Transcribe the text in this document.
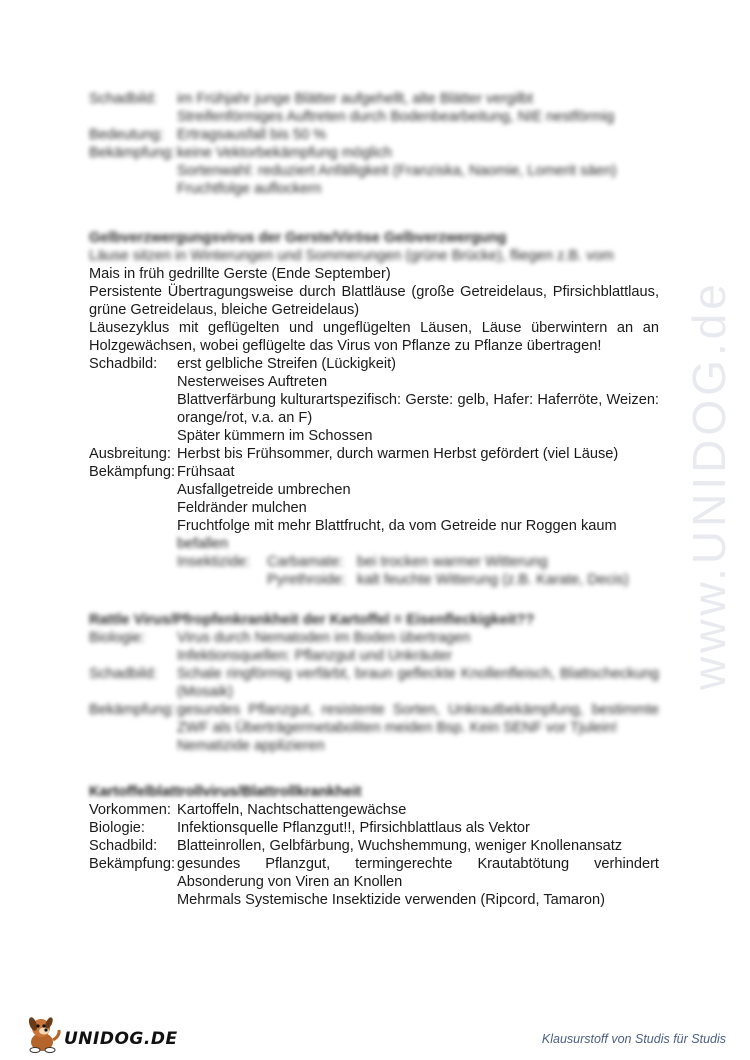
www.UNIDOG.de
Schadbild:	im Frühjahr junge Blätter aufgehellt, alte Blätter vergilbt
Streifenförmiges Auftreten durch Bodenbearbeitung, NIE nestförmig
Bedeutung: Ertragsausfall bis 50 %
Bekämpfung: keine Vektorbekämpfung möglich
Sortenwahl: reduziert Anfälligkeit (Franziska, Naomie, Lomerit säen)
Fruchtfolge auflockern
Gelbverzwergungsvirus der Gerste/Viröse Gelbverzwergung
Läuse sitzen in Winterungen und Sommerungen (grüne Brücke), fliegen z.B. vom
Mais in früh gedrillte Gerste (Ende September)
Persistente Übertragungsweise durch Blattläuse (große Getreidelaus, Pfirsichblattlaus, grüne Getreidelaus, bleiche Getreidelaus)
Läusezyklus mit geflügelten und ungeflügelten Läusen, Läuse überwintern an an Holzgewächsen, wobei geflügelte das Virus von Pflanze zu Pflanze übertragen!
Schadbild:	erst gelbliche Streifen (Lückigkeit)
Nesterweises Auftreten
Blattverfärbung kulturartspezifisch: Gerste: gelb, Hafer: Haferröte, Weizen: orange/rot, v.a. an F)
Später kümmern im Schossen
Ausbreitung: Herbst bis Frühsommer, durch warmen Herbst gefördert (viel Läuse)
Bekämpfung: Frühsaat
Ausfallgetreide umbrechen
Feldränder mulchen
Fruchtfolge mit mehr Blattfrucht, da vom Getreide nur Roggen kaum
befallen
Insektizide:	Carbamate: bei trocken warmer Witterung
Pyrethroide: kalt feuchte Witterung (z.B. Karate, Decis)
Rattle Virus/Pfropfenkrankheit der Kartoffel = Eisenfleckigkeit??
Biologie:	Virus durch Nematoden im Boden übertragen
Infektionsquellen: Pflanzgut und Unkräuter
Schadbild:	Schale ringförmig verfärbt, braun gefleckte Knollenfleisch, Blattscheckung (Mosaik)
Bekämpfung: gesundes Pflanzgut, resistente Sorten, Unkrautbekämpfung, bestimmte ZWF als Überträgermetaboliten meiden Bsp. Kein SENF vor Tjulein!
Nematizide applizieren
Kartoffelblattrollvirus/Blattrollkrankheit
Vorkommen: Kartoffeln, Nachtschattengewächse
Biologie:	Infektionsquelle Pflanzgut!!, Pfirsichblattlaus als Vektor
Schadbild:	Blatteinrollen, Gelbfärbung, Wuchshemmung, weniger Knollenansatz
Bekämpfung: gesundes Pflanzgut, termingerechte Krautabtötung verhindert Absonderung von Viren an Knollen
Mehrmals Systemische Insektizide verwenden (Ripcord, Tamaron)
UNIDOG.DE	Klausurstoff von Studis für Studis
